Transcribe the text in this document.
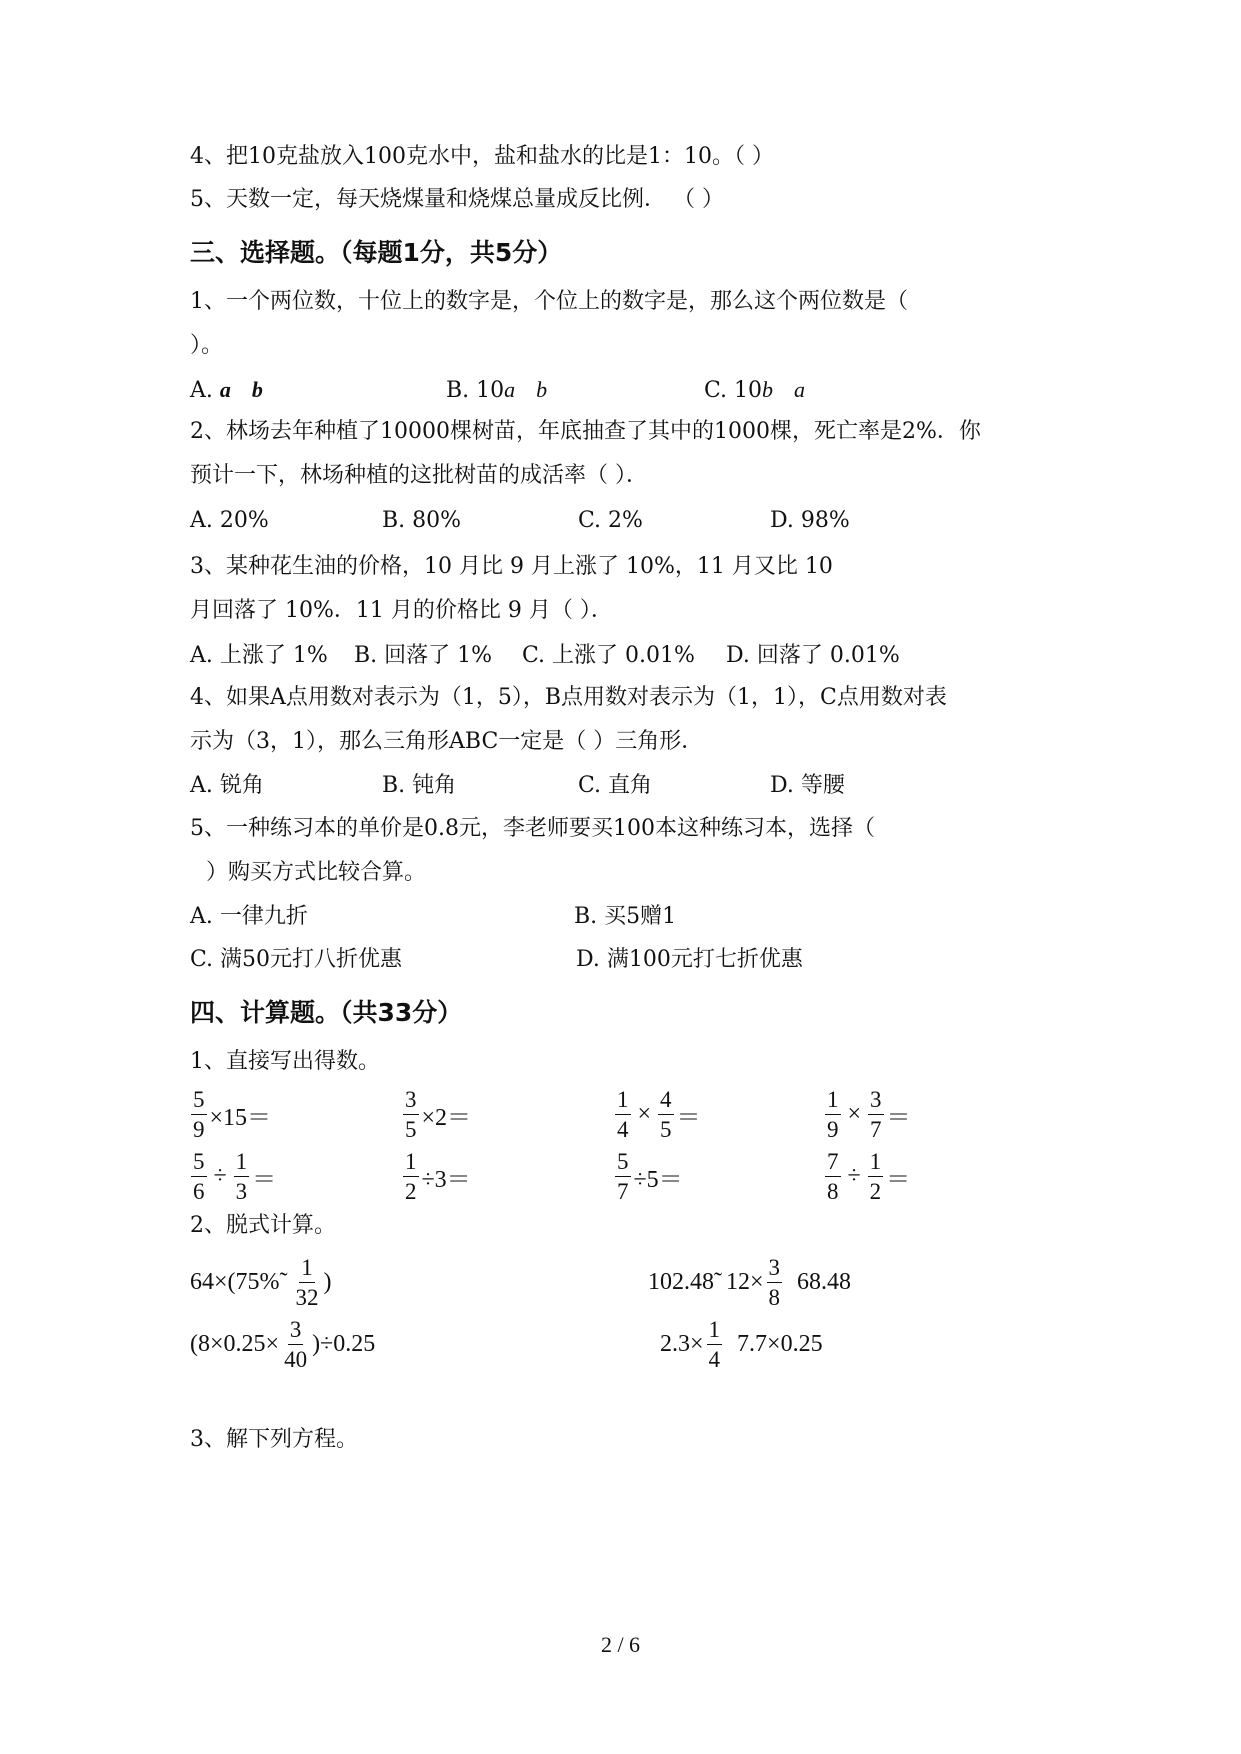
4、把10克盐放入100克水中，盐和盐水的比是1：10。（ ）
5、天数一定，每天烧煤量和烧煤总量成反比例． （ ）
三、选择题。（每题1分，共5分）
1、一个两位数，十位上的数字是，个位上的数字是，那么这个两位数是（
）。
A. a b	B. 10a b	C. 10b a
2、林场去年种植了10000棵树苗，年底抽查了其中的1000棵，死亡率是2%．你
预计一下，林场种植的这批树苗的成活率（ ）．
A. 20%	B. 80%	C. 2%	D. 98%
3、某种花生油的价格，10 月比 9 月上涨了 10%，11 月又比 10
月回落了 10%．11 月的价格比 9 月（ ）．
A. 上涨了 1% B. 回落了 1% C. 上涨了 0.01% D. 回落了 0.01%
4、如果A点用数对表示为（1，5），B点用数对表示为（1，1），C点用数对表
示为（3，1），那么三角形ABC一定是（ ）三角形．
A. 锐角	B. 钝角	C. 直角	D. 等腰
5、一种练习本的单价是0.8元，李老师要买100本这种练习本，选择（
）购买方式比较合算。
A. 一律九折	B. 买5赠1
C. 满50元打八折优惠	D. 满100元打七折优惠
四、计算题。（共33分）
1、直接写出得数。
$\frac{5}{9} \times 15=$	$\frac{3}{5} \times 2=$	$\frac{1}{4} \times \frac{4}{5}$ ＝	$\frac{1}{9} \times \frac{3}{7}$ ＝
$\frac{5}{6} \div \frac{1}{3}$ ＝	$\frac{1}{2} \div 3=$	$\frac{5}{7} \div 5=$	$\frac{7}{8} \div \frac{1}{2}$ ＝
2、脱式计算。
64×(75%̃ $\frac{1}{32}$ )	102.48̃  $12\times \frac{3}{8} 68.48$
$(8\times 0.25\times \frac{3}{40} )\div 0.25$	$2.3\times \frac{1}{4} 7.7\times 0.25$
3、解下列方程。
2 / 6
